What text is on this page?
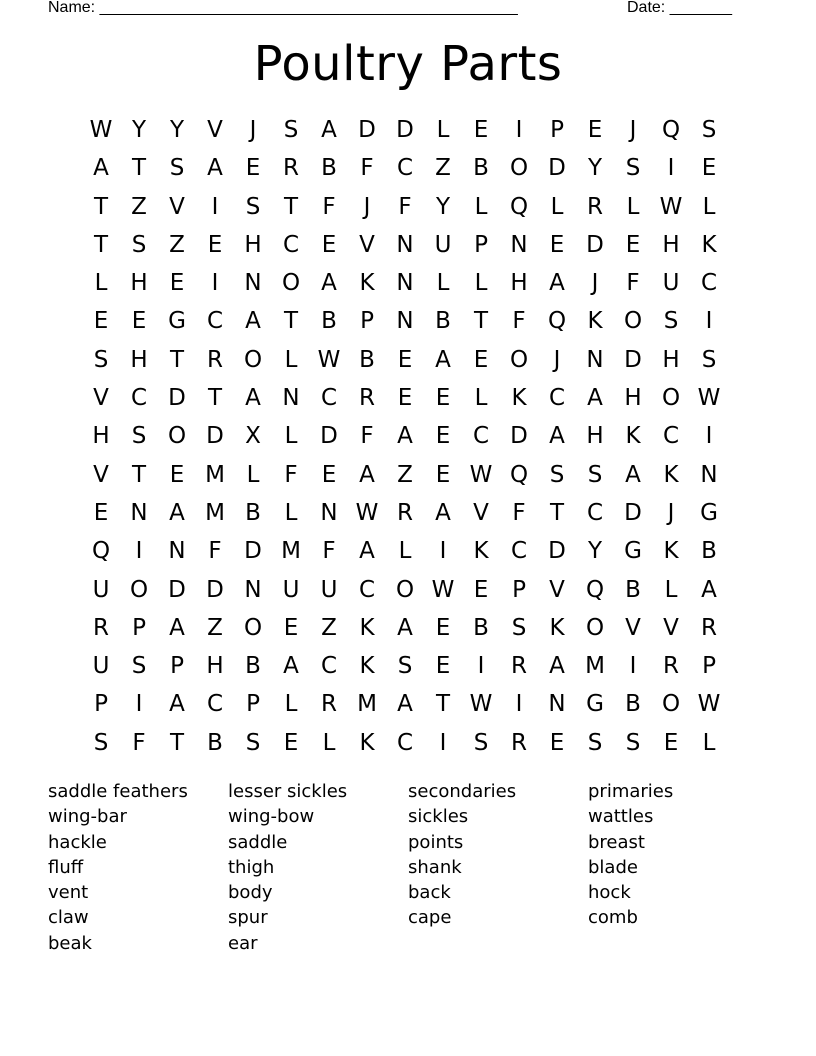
Name: _______________________________________________	Date: _______
Poultry Parts
W Y	Y	V	J	S A D D L	E	I	P	E	J	Q S
A	T	S A E R B	F	C Z B O D Y	S	I	E
T	Z V	I	S	T	F	J	F	Y	L Q L	R	L W L
T	S Z E H C E V N U P N E D E H K
L H E	I	N O A K N L	L H A	J	F U C
E	E G C A	T	B	P N B	T	F Q K O S	I
S H T R O L W B E A E O	J	N D H S
V C D T	A N C R E	E	L	K C A H O W
H S O D X	L D F	A E C D A H K C	I
V	T	E M L	F	E A Z E W Q S	S A K N
E N A M B	L N W R A V	F	T C D	J	G
Q	I	N F D M F	A	L	I	K C D Y G K B
U O D D N U U C O W E	P	V Q B	L	A
R	P	A Z O E Z K A E B S	K O V V R
U S	P H B A C K	S	E	I	R A M	I	R	P
P	I	A C	P	L	R M A	T W	I	N G B O W
S	F	T	B S	E	L	K C	I	S R E	S	S	E	L
saddle feathers	lesser sickles	secondaries	primaries
wing-bar	wing-bow	sickles	wattles
hackle	saddle	points	breast
fluff	thigh	shank	blade
vent	body	back	hock
claw	spur	cape	comb
beak	ear
